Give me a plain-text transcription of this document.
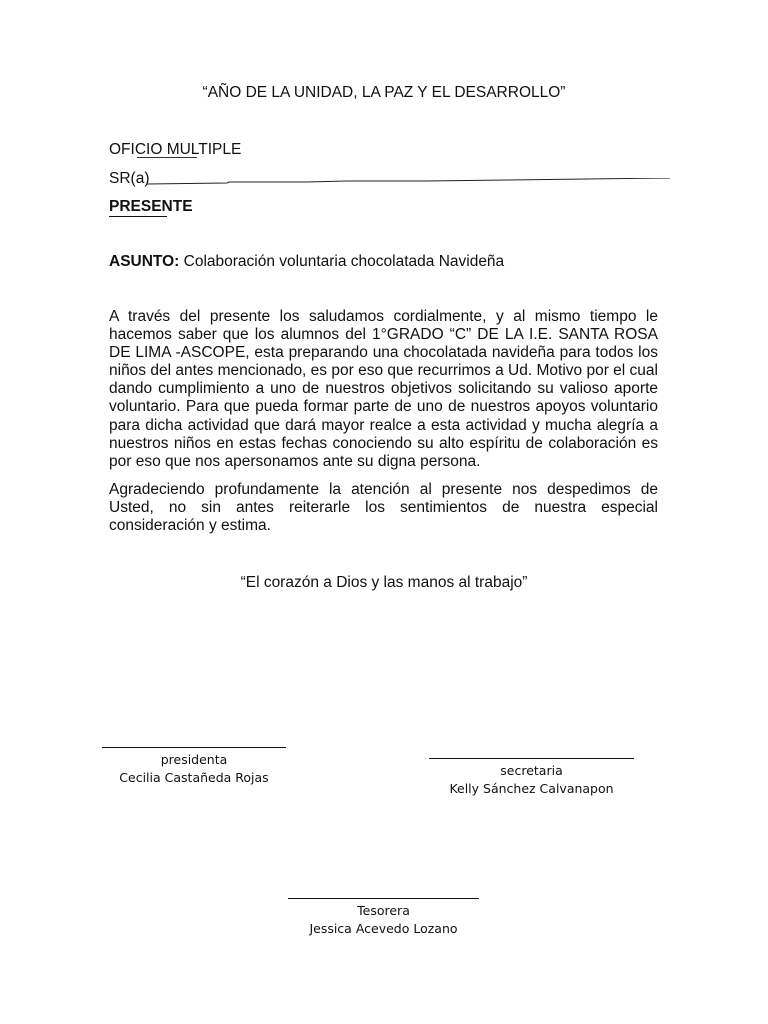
“AÑO DE LA UNIDAD, LA PAZ Y EL DESARROLLO”
OFICIO MULTIPLE
SR(a)
PRESENTE
ASUNTO: Colaboración voluntaria chocolatada Navideña

A través del presente los saludamos cordialmente, y al mismo tiempo le hacemos saber que los alumnos del 1°GRADO “C” DE LA I.E. SANTA ROSA DE LIMA -ASCOPE, esta preparando una chocolatada navideña para todos los niños del antes mencionado, es por eso que recurrimos a Ud. Motivo por el cual dando cumplimiento a uno de nuestros objetivos solicitando su valioso aporte voluntario. Para que pueda formar parte de uno de nuestros apoyos voluntario para dicha actividad que dará mayor realce a esta actividad y mucha alegría a nuestros niños en estas fechas conociendo su alto espíritu de colaboración es por eso que nos apersonamos ante su digna persona.

Agradeciendo profundamente la atención al presente nos despedimos de Usted, no sin antes reiterarle los sentimientos de nuestra especial consideración y estima.

“El corazón a Dios y las manos al trabajo”
presidenta
Cecilia Castañeda Rojas	secretaria
Kelly Sánchez Calvanapon
Tesorera
Jessica Acevedo Lozano
